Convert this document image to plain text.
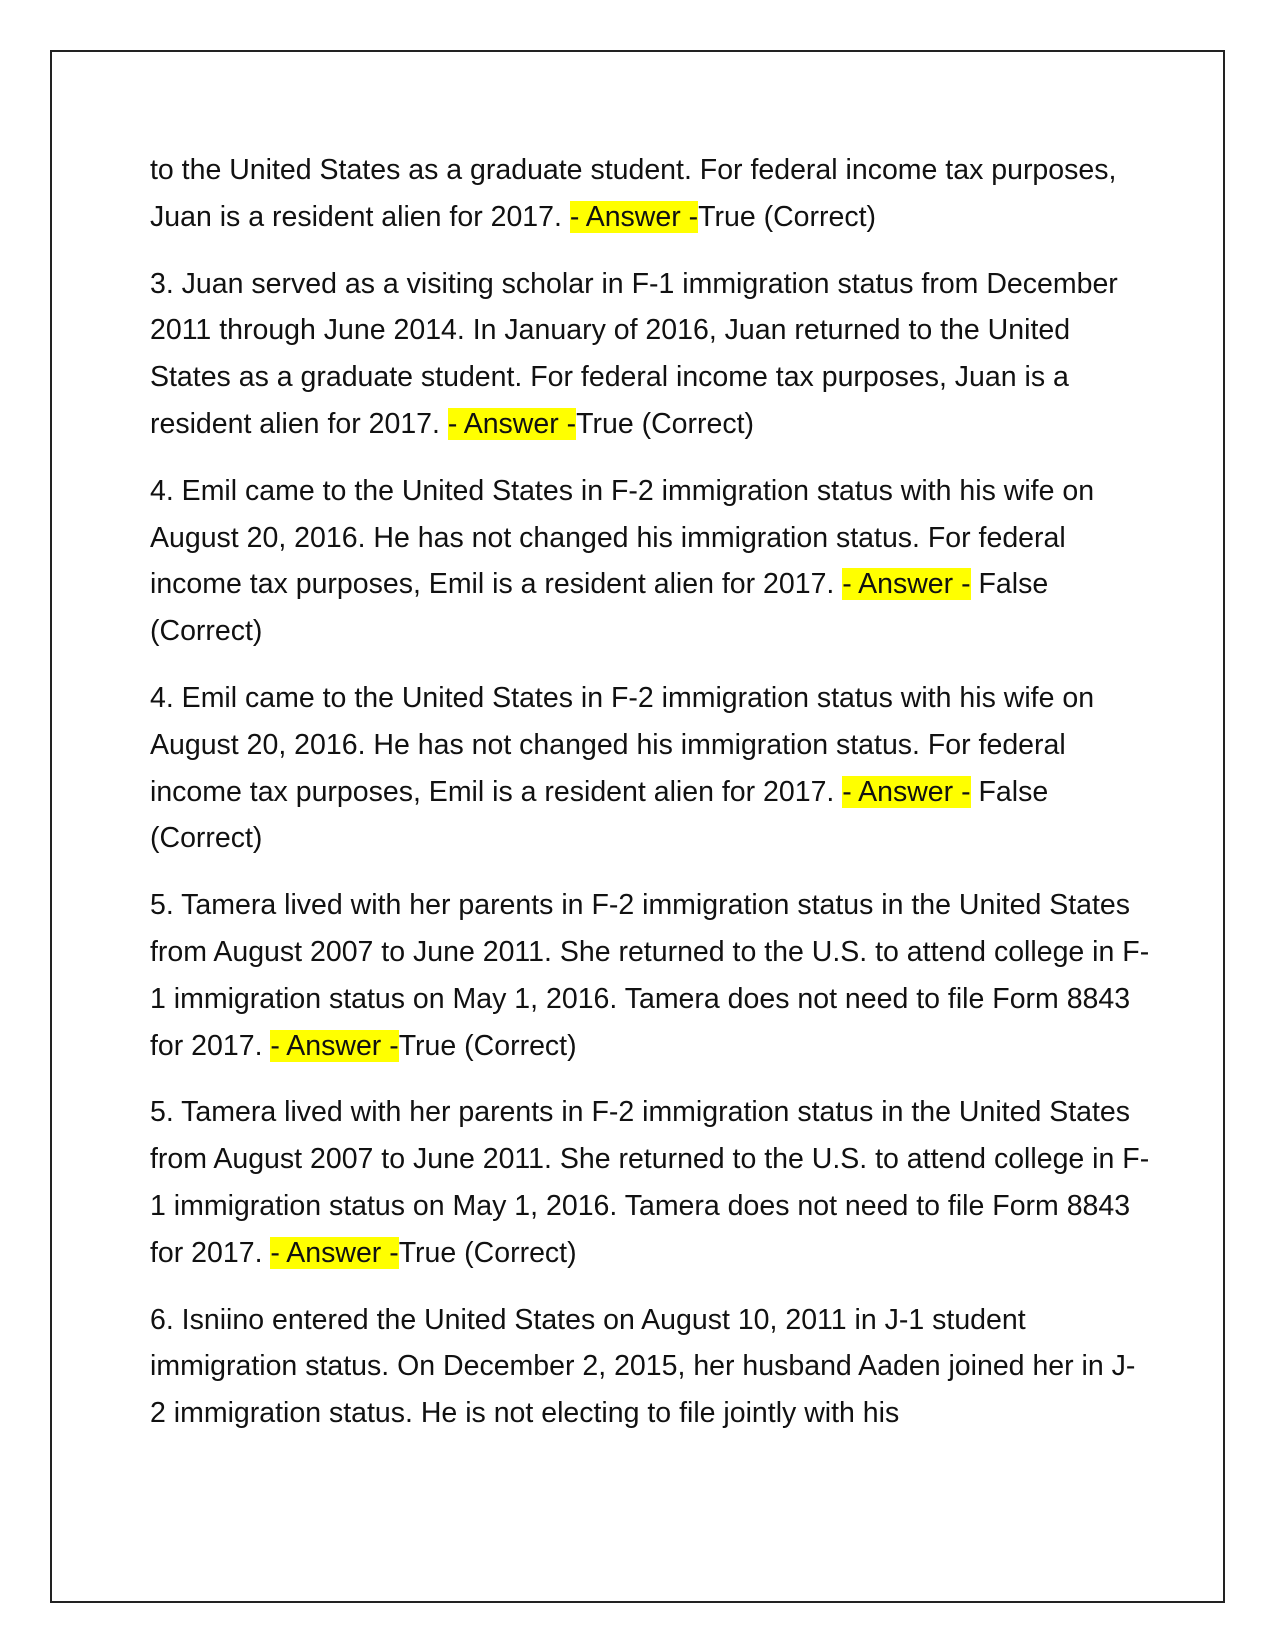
to the United States as a graduate student. For federal income tax purposes, Juan is a resident alien for 2017. - Answer -True (Correct)

3. Juan served as a visiting scholar in F-1 immigration status from December 2011 through June 2014. In January of 2016, Juan returned to the United States as a graduate student. For federal income tax purposes, Juan is a resident alien for 2017. - Answer -True (Correct)

4. Emil came to the United States in F-2 immigration status with his wife on August 20, 2016. He has not changed his immigration status. For federal income tax purposes, Emil is a resident alien for 2017. - Answer - False (Correct)

4. Emil came to the United States in F-2 immigration status with his wife on August 20, 2016. He has not changed his immigration status. For federal income tax purposes, Emil is a resident alien for 2017. - Answer - False (Correct)

5. Tamera lived with her parents in F-2 immigration status in the United States from August 2007 to June 2011. She returned to the U.S. to attend college in F-1 immigration status on May 1, 2016. Tamera does not need to file Form 8843 for 2017. - Answer -True (Correct)

5. Tamera lived with her parents in F-2 immigration status in the United States from August 2007 to June 2011. She returned to the U.S. to attend college in F-1 immigration status on May 1, 2016. Tamera does not need to file Form 8843 for 2017. - Answer -True (Correct)

6. Isniino entered the United States on August 10, 2011 in J-1 student immigration status. On December 2, 2015, her husband Aaden joined her in J-2 immigration status. He is not electing to file jointly with his
